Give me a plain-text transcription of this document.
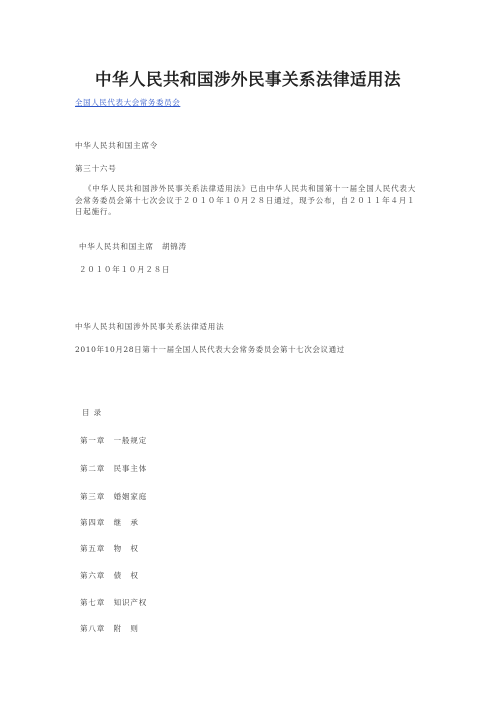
中华人民共和国涉外民事关系法律适用法
全国人民代表大会常务委员会
中华人民共和国主席令
第三十六号
《中华人民共和国涉外民事关系法律适用法》已由中华人民共和国第十一届全国人民代表大会常务委员会第十七次会议于２０１０年１０月２８日通过，现予公布，自２０１１年４月１日起施行。
中华人民共和国主席　胡锦涛
２０１０年１０月２８日
中华人民共和国涉外民事关系法律适用法
2010年10月28日第十一届全国人民代表大会常务委员会第十七次会议通过
目 录
第一章　一般规定
第二章　民事主体
第三章　婚姻家庭
第四章　继　承
第五章　物　权
第六章　债　权
第七章　知识产权
第八章　附　则
